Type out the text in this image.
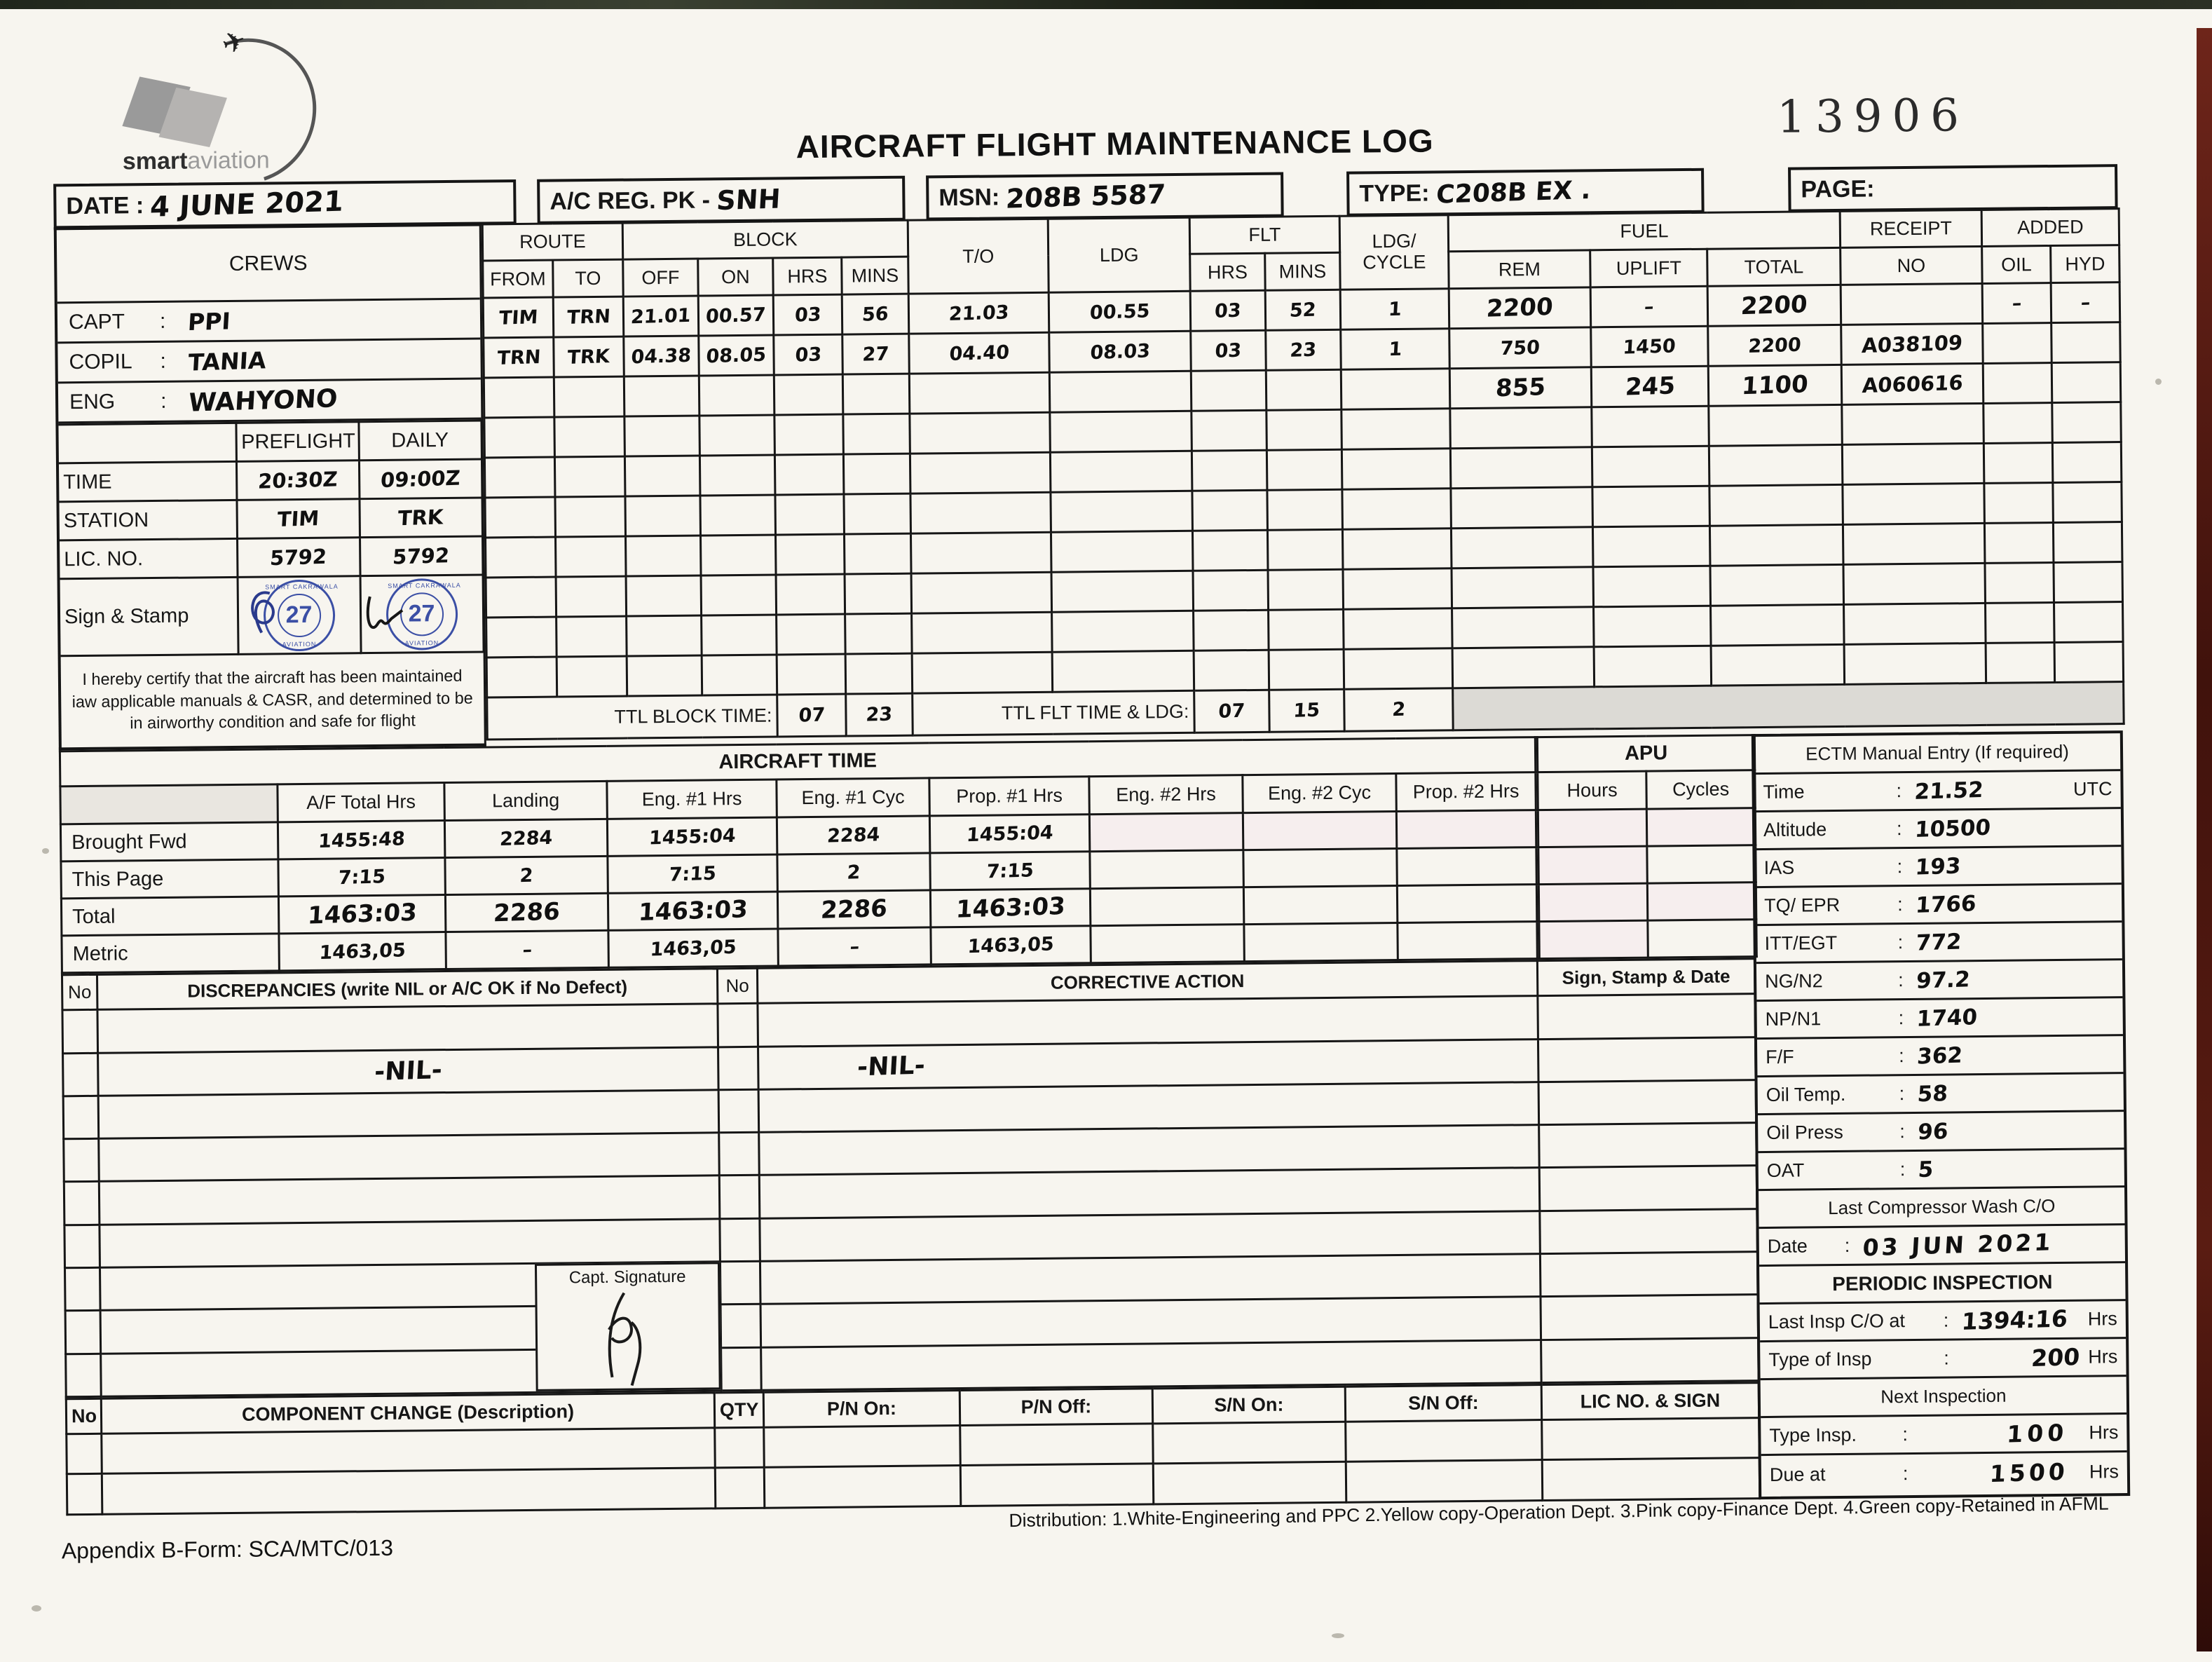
✈
smartaviation	AIRCRAFT FLIGHT MAINTENANCE LOG
13906
DATE :
4 JUNE 2021	A/C REG. PK -
SNH	MSN:
208B 5587	TYPE:
C208B EX .	PAGE:
CREWS
CAPT	: PPI
COPIL	: TANIA
ENG	: WAHYONO
	PREFLIGHT	DAILY
TIME	20:30Z	09:00Z
STATION	TIM	TRK
LIC. NO.	5792	5792
Sign & Stamp	SMART CAKRAWALA
27
AVIATION	SMART CAKRAWALA
27
AVIATION
I hereby certify that the aircraft has been maintained iaw applicable manuals & CASR, and determined to be in airworthy condition and safe for flight
ROUTE		BLOCK				T/O	LDG	FLT		LDG/ CYCLE	FUEL			RECEIPT	ADDED	
FROM	TO	OFF	ON	HRS	MINS			HRS	MINS		REM	UPLIFT	TOTAL	NO	OIL	HYD
TIM	TRN	21.01	00.57	03	56	21.03	00.55	03	52	1	2200	–	2200		–	–
TRN	TRK	04.38	08.05	03	27	04.40	08.03	03	23	1	750	1450	2200	A038109		
											855	245	1100	A060616		

TTL BLOCK TIME:				07	23	TTL FLT TIME & LDG:		07	15	2						
AIRCRAFT TIME								
	A/F Total Hrs	Landing	Eng. #1 Hrs	Eng. #1 Cyc	Prop. #1 Hrs	Eng. #2 Hrs	Eng. #2 Cyc	Prop. #2 Hrs
Brought Fwd	1455:48	2284	1455:04	2284	1455:04			
This Page	7:15	2	7:15	2	7:15			
Total	1463:03	2286	1463:03	2286	1463:03			
Metric	1463,05	–	1463,05	–	1463,05			
APU	
Hours	Cycles

No	DISCREPANCIES (write NIL or A/C OK if No Defect)	No	CORRECTIVE ACTION	Sign, Stamp & Date

	-NIL-		-NIL-	

Capt. Signature
No	COMPONENT CHANGE (Description)	QTY	P/N On:	P/N Off:	S/N On:	S/N Off:	LIC NO. & SIGN

ECTM Manual Entry (If required)
Time	: 21.52	UTC
Altitude	: 10500
IAS	: 193
TQ/ EPR	: 1766
ITT/EGT	: 772
NG/N2	: 97.2
NP/N1	: 1740
F/F	: 362
Oil Temp.	: 58
Oil Press	: 96
OAT	: 5
Last Compressor Wash C/O
Date	: 03 JUN 2021
PERIODIC INSPECTION
Last Insp C/O at	: 1394:16	Hrs
Type of Insp	:	200 Hrs
Next Inspection
Type Insp.	:	100	Hrs
Due at	:	1500	Hrs
Appendix B-Form: SCA/MTC/013
Distribution: 1.White-Engineering and PPC 2.Yellow copy-Operation Dept. 3.Pink copy-Finance Dept. 4.Green copy-Retained in AFML
